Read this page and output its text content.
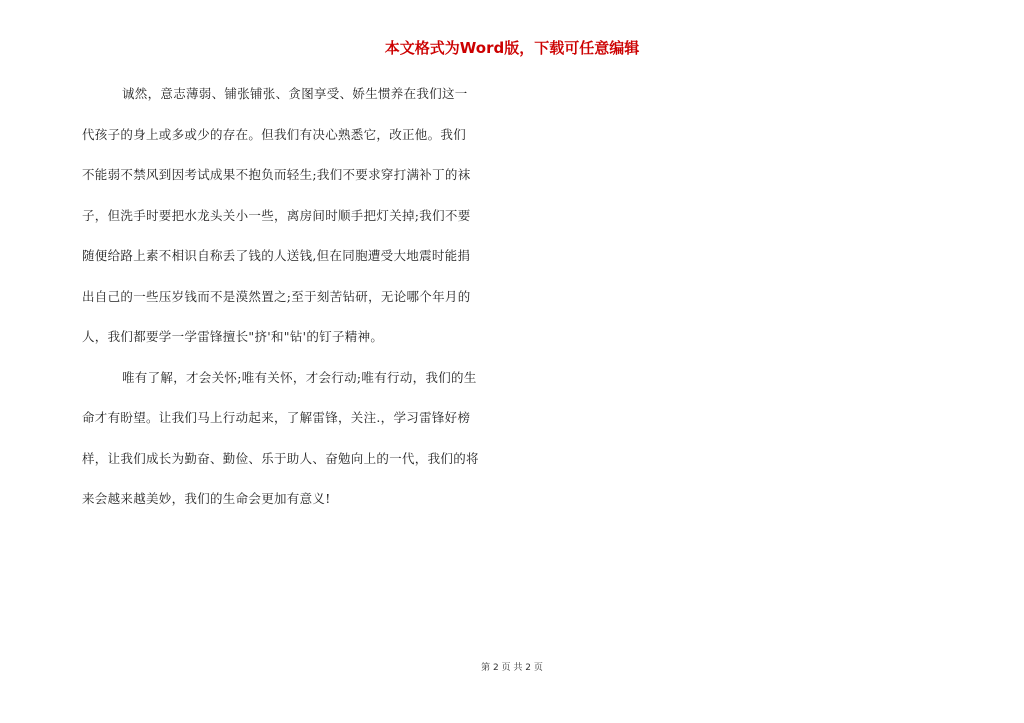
本文格式为Word版，下载可任意编辑
诚然，意志薄弱、铺张铺张、贪图享受、娇生惯养在我们这一
代孩子的身上或多或少的存在。但我们有决心熟悉它，改正他。我们
不能弱不禁风到因考试成果不抱负而轻生;我们不要求穿打满补丁的袜
子，但洗手时要把水龙头关小一些，离房间时顺手把灯关掉;我们不要
随便给路上素不相识自称丢了钱的人送钱,但在同胞遭受大地震时能捐
出自己的一些压岁钱而不是漠然置之;至于刻苦钻研，无论哪个年月的
人，我们都要学一学雷锋擅长"挤'和"钻'的钉子精神。
唯有了解，才会关怀;唯有关怀，才会行动;唯有行动，我们的生
命才有盼望。让我们马上行动起来，了解雷锋，关注.，学习雷锋好榜
样，让我们成长为勤奋、勤俭、乐于助人、奋勉向上的一代，我们的将
来会越来越美妙，我们的生命会更加有意义!
第 2 页 共 2 页
